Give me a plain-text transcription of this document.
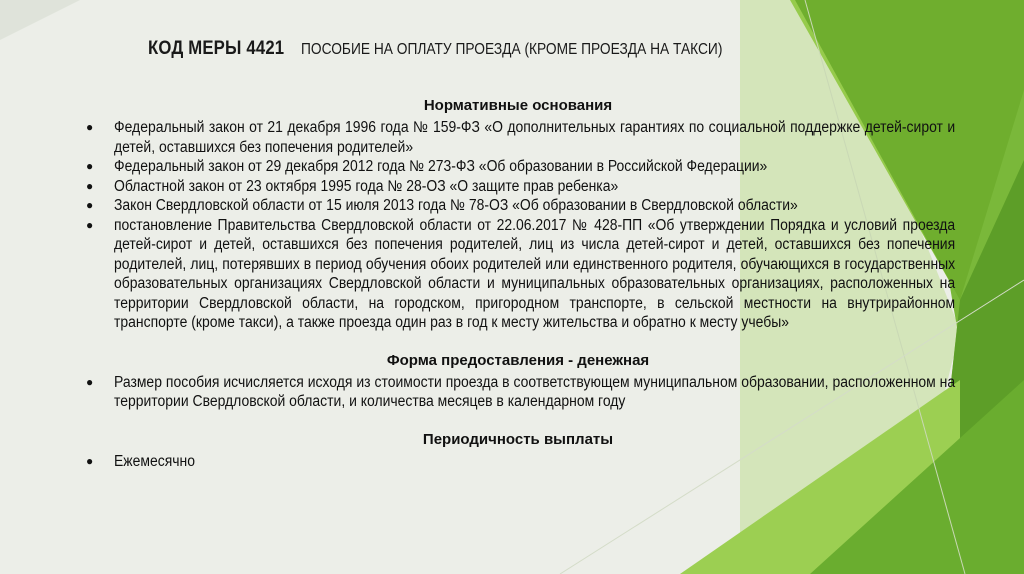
КОД МЕРЫ 4421 ПОСОБИЕ НА ОПЛАТУ ПРОЕЗДА (КРОМЕ ПРОЕЗДА НА ТАКСИ)
Нормативные основания
● Федеральный закон от 21 декабря 1996 года № 159-ФЗ «О дополнительных гарантиях по социальной поддержке детей-сирот и детей, оставшихся без попечения родителей»
● Федеральный закон от 29 декабря 2012 года № 273-ФЗ «Об образовании в Российской Федерации»
● Областной закон от 23 октября 1995 года № 28-ОЗ «О защите прав ребенка»
● Закон Свердловской области от 15 июля 2013 года № 78-ОЗ «Об образовании в Свердловской области»
● постановление Правительства Свердловской области от 22.06.2017 № 428-ПП «Об утверждении Порядка и условий проезда детей-сирот и детей, оставшихся без попечения родителей, лиц из числа детей-сирот и детей, оставшихся без попечения родителей, лиц, потерявших в период обучения обоих родителей или единственного родителя, обучающихся в государственных образовательных организациях Свердловской области и муниципальных образовательных организациях, расположенных на территории Свердловской области, на городском, пригородном транспорте, в сельской местности на внутрирайонном транспорте (кроме такси), а также проезда один раз в год к месту жительства и обратно к месту учебы»
Форма предоставления - денежная
● Размер пособия исчисляется исходя из стоимости проезда в соответствующем муниципальном образовании, расположенном на территории Свердловской области, и количества месяцев в календарном году
Периодичность выплаты
● Ежемесячно
